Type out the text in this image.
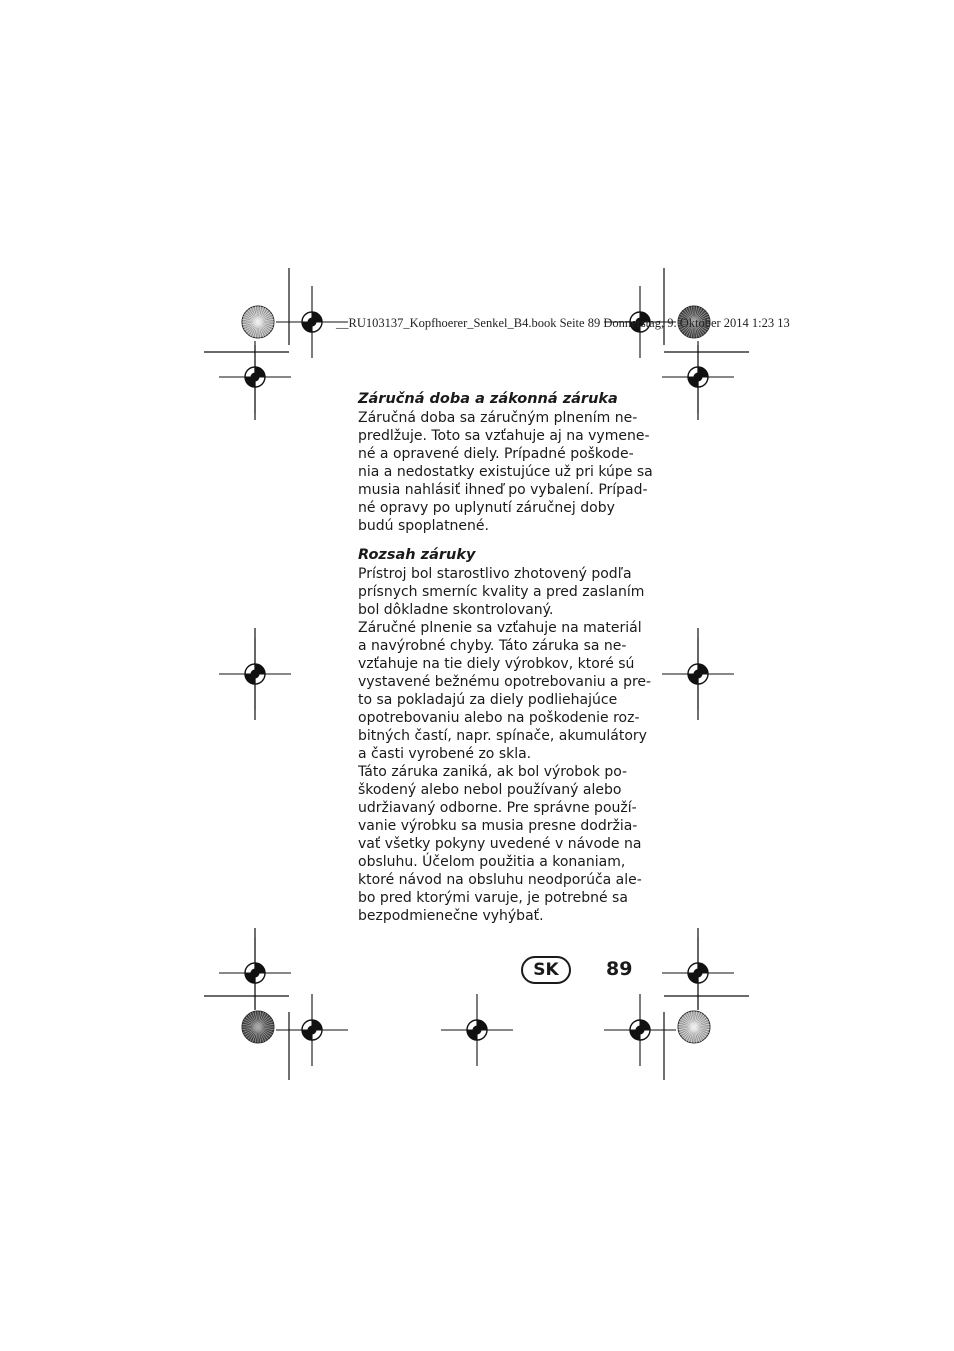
__RU103137_Kopfhoerer_Senkel_B4.book Seite 89 Donnerstag, 9. Oktober 2014 1:23 13
Záručná doba a zákonná záruka
Záručná doba sa záručným plnením ne-
predlžuje. Toto sa vzťahuje aj na vymene-
né a opravené diely. Prípadné poškode-
nia a nedostatky existujúce už pri kúpe sa
musia nahlásiť ihneď po vybalení. Prípad-
né opravy po uplynutí záručnej doby
budú spoplatnené.
Rozsah záruky
Prístroj bol starostlivo zhotovený podľa
prísnych smerníc kvality a pred zaslaním
bol dôkladne skontrolovaný.
Záručné plnenie sa vzťahuje na materiál
a navýrobné chyby. Táto záruka sa ne-
vzťahuje na tie diely výrobkov, ktoré sú
vystavené bežnému opotrebovaniu a pre-
to sa pokladajú za diely podliehajúce
opotrebovaniu alebo na poškodenie roz-
bitných častí, napr. spínače, akumulátory
a časti vyrobené zo skla.
Táto záruka zaniká, ak bol výrobok po-
škodený alebo nebol používaný alebo
udržiavaný odborne. Pre správne použí-
vanie výrobku sa musia presne dodržia-
vať všetky pokyny uvedené v návode na
obsluhu. Účelom použitia a konaniam,
ktoré návod na obsluhu neodporúča ale-
bo pred ktorými varuje, je potrebné sa
bezpodmienečne vyhýbať.
SK	89
